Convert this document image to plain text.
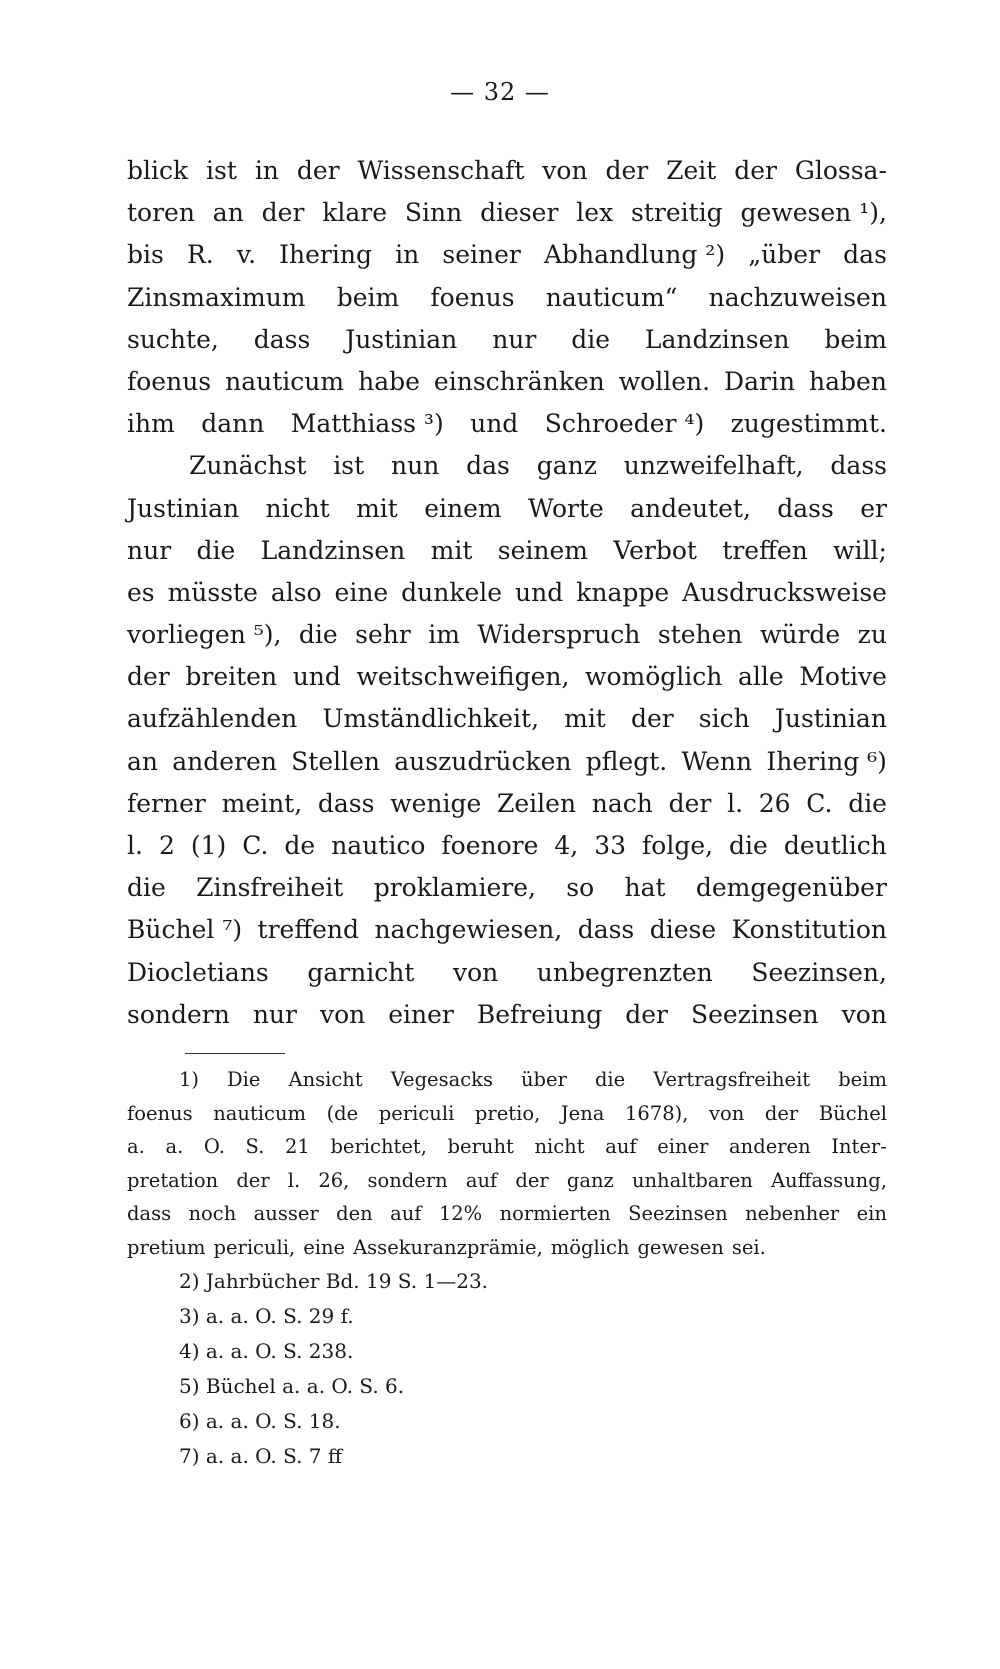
— 32 —
blick ist in der Wissenschaft von der Zeit der Glossa-
toren an der klare Sinn dieser lex streitig gewesen ¹),
bis R. v. Ihering in seiner Abhandlung ²) „über das
Zinsmaximum beim foenus nauticum“ nachzuweisen
suchte, dass Justinian nur die Landzinsen beim
foenus nauticum habe einschränken wollen. Darin haben
ihm dann Matthiass ³) und Schroeder ⁴) zugestimmt.
Zunächst ist nun das ganz unzweifelhaft, dass
Justinian nicht mit einem Worte andeutet, dass er
nur die Landzinsen mit seinem Verbot treffen will;
es müsste also eine dunkele und knappe Ausdrucksweise
vorliegen ⁵), die sehr im Widerspruch stehen würde zu
der breiten und weitschweifigen, womöglich alle Motive
aufzählenden Umständlichkeit, mit der sich Justinian
an anderen Stellen auszudrücken pflegt. Wenn Ihering ⁶)
ferner meint, dass wenige Zeilen nach der l. 26 C. die
l. 2 (1) C. de nautico foenore 4, 33 folge, die deutlich
die Zinsfreiheit proklamiere, so hat demgegenüber
Büchel ⁷) treffend nachgewiesen, dass diese Konstitution
Diocletians garnicht von unbegrenzten Seezinsen,
sondern nur von einer Befreiung der Seezinsen von
1) Die Ansicht Vegesacks über die Vertragsfreiheit beim
foenus nauticum (de periculi pretio, Jena 1678), von der Büchel
a. a. O. S. 21 berichtet, beruht nicht auf einer anderen Inter-
pretation der l. 26, sondern auf der ganz unhaltbaren Auffassung,
dass noch ausser den auf 12% normierten Seezinsen nebenher ein
pretium periculi, eine Assekuranzprämie, möglich gewesen sei.
2) Jahrbücher Bd. 19 S. 1—23.
3) a. a. O. S. 29 f.
4) a. a. O. S. 238.
5) Büchel a. a. O. S. 6.
6) a. a. O. S. 18.
7) a. a. O. S. 7 ff
